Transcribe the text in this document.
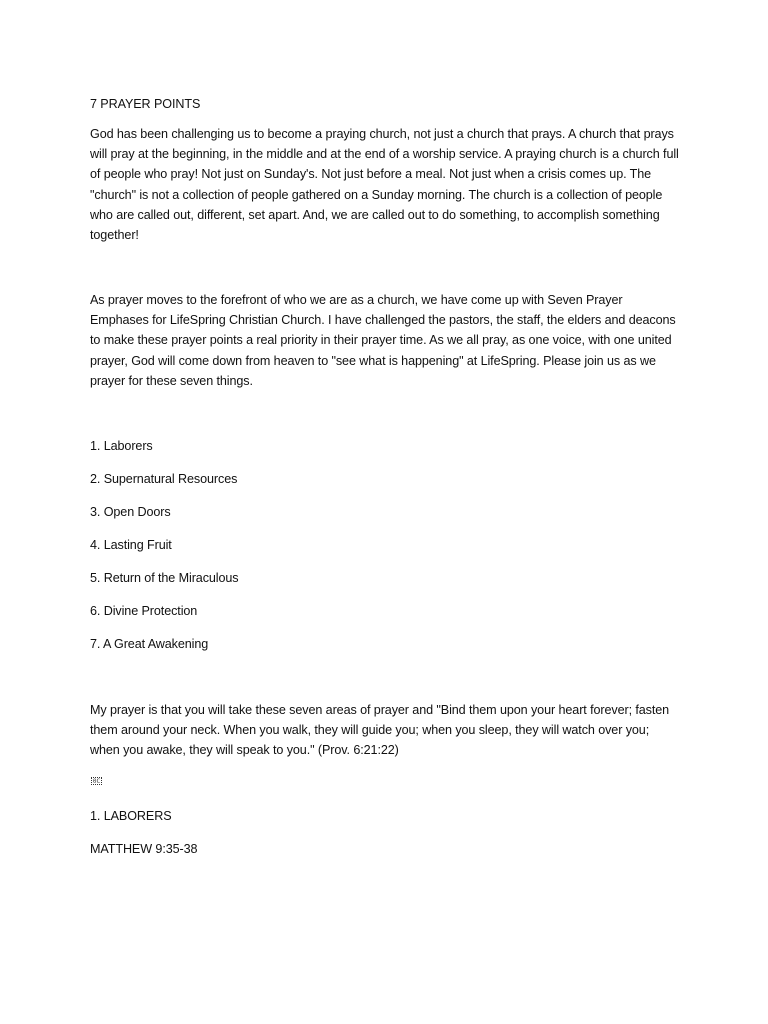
7 PRAYER POINTS
God has been challenging us to become a praying church, not just a church that prays. A church that prays will pray at the beginning, in the middle and at the end of a worship service. A praying church is a church full of people who pray! Not just on Sunday's. Not just before a meal. Not just when a crisis comes up. The "church" is not a collection of people gathered on a Sunday morning. The church is a collection of people who are called out, different, set apart. And, we are called out to do something, to accomplish something together!
As prayer moves to the forefront of who we are as a church, we have come up with Seven Prayer Emphases for LifeSpring Christian Church. I have challenged the pastors, the staff, the elders and deacons to make these prayer points a real priority in their prayer time. As we all pray, as one voice, with one united prayer, God will come down from heaven to "see what is happening" at LifeSpring. Please join us as we prayer for these seven things.
1. Laborers
2. Supernatural Resources
3. Open Doors
4. Lasting Fruit
5. Return of the Miraculous
6. Divine Protection
7. A Great Awakening
My prayer is that you will take these seven areas of prayer and "Bind them upon your heart forever; fasten them around your neck. When you walk, they will guide you; when you sleep, they will watch over you; when you awake, they will speak to you." (Prov. 6:21:22)
0C
1. LABORERS
MATTHEW 9:35-38
